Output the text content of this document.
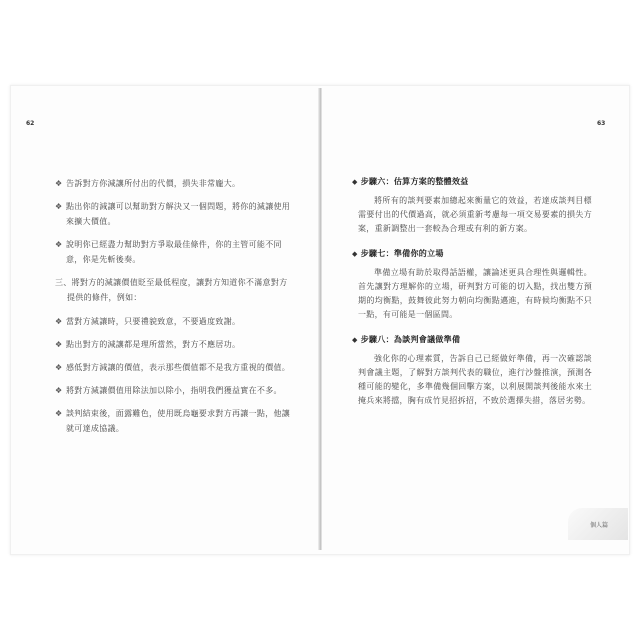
62	63
❖ 告訴對方你減讓所付出的代價，損失非常龐大。
❖ 點出你的減讓可以幫助對方解決又一個問題，將你的減讓使用來擴大價值。
❖ 說明你已經盡力幫助對方爭取最佳條件，你的主管可能不同意，你是先斬後奏。
三、將對方的減讓價值貶至最低程度，讓對方知道你不滿意對方提供的條件，例如：
❖ 當對方減讓時，只要禮貌致意，不要過度致謝。
❖ 點出對方的減讓都是理所當然，對方不應居功。
❖ 感低對方減讓的價值，表示那些價值都不是我方重視的價值。
❖ 將對方減讓價值用除法加以除小，指明我們獲益實在不多。
❖ 談判結束後，面露難色，使用既烏龜要求對方再讓一點，他讓就可達成協議。
◆ 步驟六：估算方案的整體效益
將所有的談判要素加總起來衡量它的效益，若達成談判目標需要付出的代價過高，就必須重新考慮每一項交易要素的損失方案，重新調整出一套較為合理或有利的新方案。
◆ 步驟七：準備你的立場
準備立場有助於取得話語權，讓論述更具合理性與邏輯性。首先讓對方理解你的立場，研判對方可能的切入點，找出雙方預期的均衡點，鼓舞彼此努力朝向均衡點邁進，有時候均衡點不只一點，有可能是一個區間。
◆ 步驟八：為談判會議做準備
強化你的心理素質，告訴自己已經做好準備，再一次確認談判會議主題，了解對方談判代表的職位，進行沙盤推演，預測各種可能的變化，多準備幾個回擊方案，以利展開談判後能水來土掩兵來將擋，胸有成竹見招拆招，不致於選擇失措，落居劣勢。
個人篇
